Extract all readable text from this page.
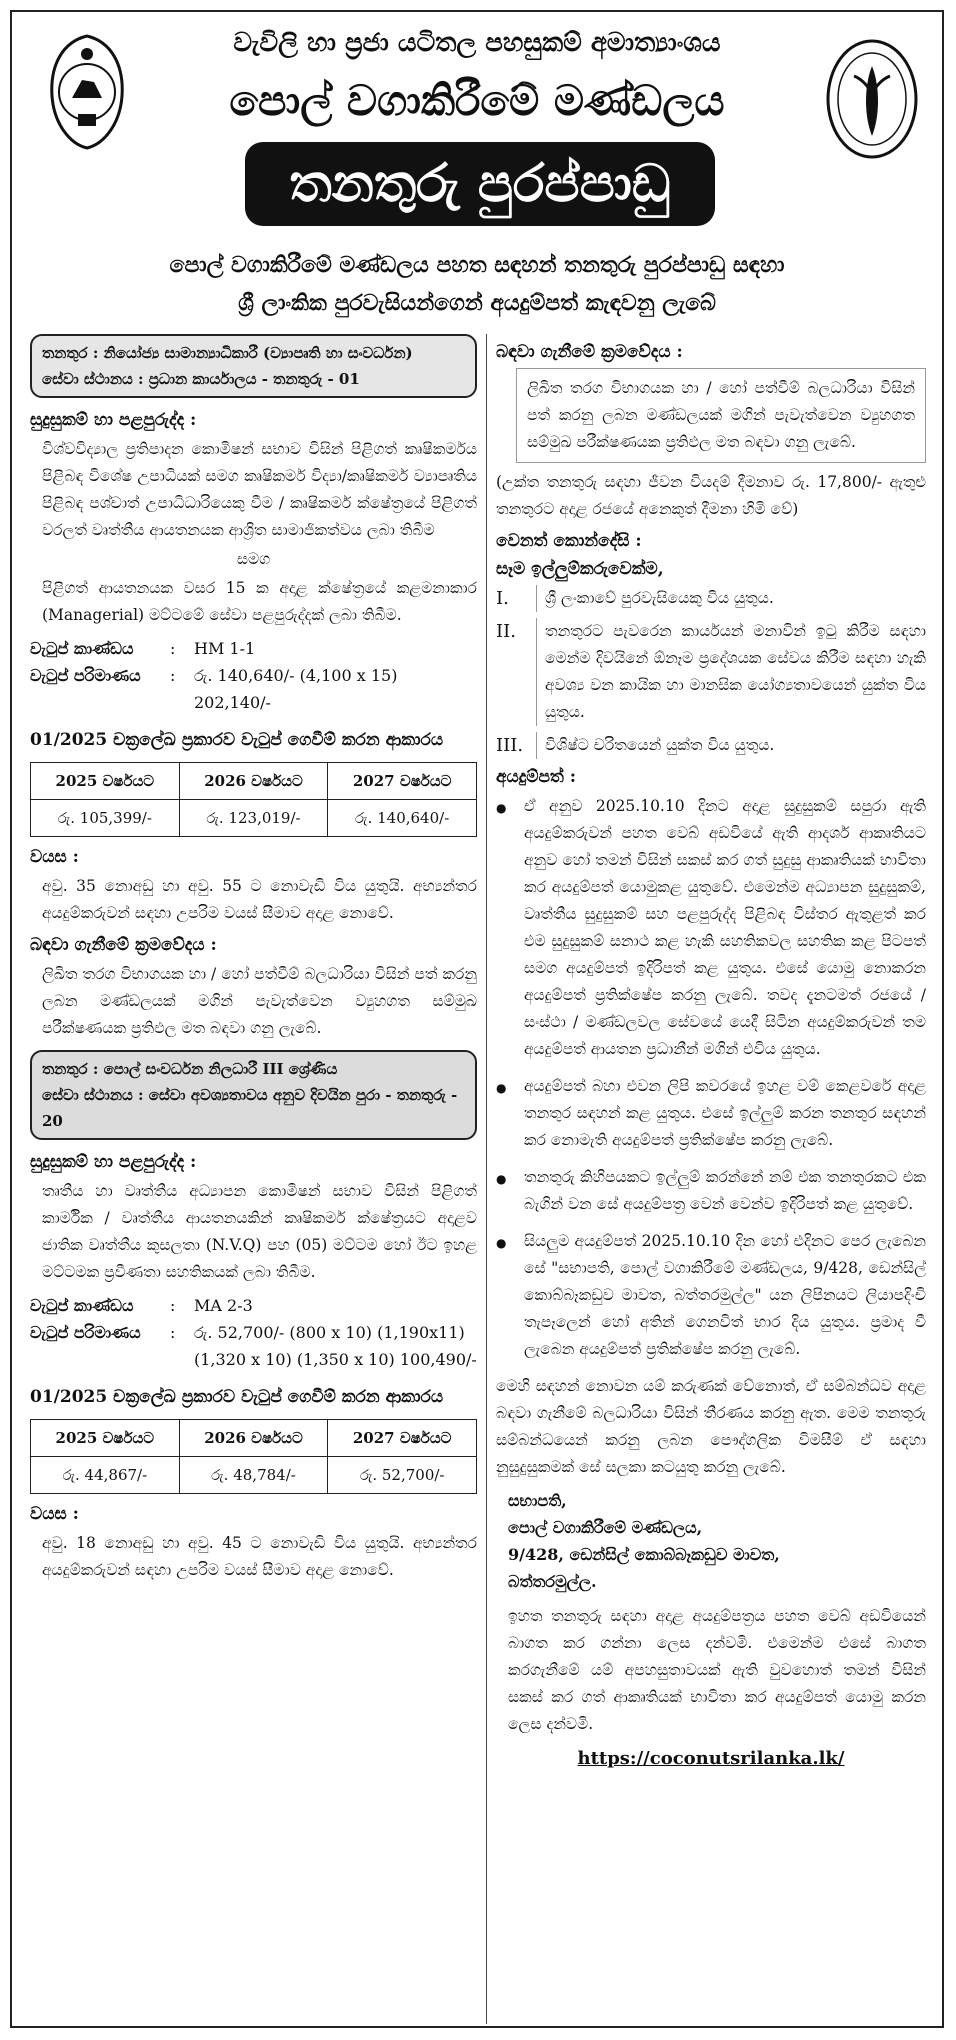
වැවිලි හා ප්‍රජා යටිතල පහසුකම් අමාත්‍යාංශය
පොල් වගාකිරීමේ මණ්ඩලය
තනතුරු පුරප්පාඩු
පොල් වගාකිරීමේ මණ්ඩලය පහත සඳහන් තනතුරු පුරප්පාඩු සඳහා
ශ්‍රී ලාංකික පුරවැසියන්ගෙන් අයදුම්පත් කැඳවනු ලැබේ
තනතුර : නියෝජ්‍ය සාමාන්‍යාධිකාරී (ව්‍යාපෘති හා සංවර්ධන)
සේවා ස්ථානය : ප්‍රධාන කාර්යාලය - තනතුරු - 01
සුදුසුකම් හා පළපුරුද්ද :
විශ්වවිද්‍යාල ප්‍රතිපාදන කොමිෂන් සභාව විසින් පිළිගත් කෘෂිකර්මය පිළිබඳ විශේෂ උපාධියක් සමග කෘෂිකර්ම විද්‍යා/කෘෂිකර්ම ව්‍යාපෘතිය පිළිබඳ පශ්චාත් උපාධිධාරියෙකු වීම / කෘෂිකර්ම ක්ෂේත්‍රයේ පිළිගත් වරලත් වෘත්තීය ආයතනයක ආශ්‍රිත සාමාජිකත්වය ලබා තිබීම
සමග
පිළිගත් ආයතනයක වසර 15 ක අදාළ ක්ෂේත්‍රයේ කළමනාකාර (Managerial) මට්ටමේ සේවා පළපුරුද්දක් ලබා තිබීම.
වැටුප් කාණ්ඩය	:	HM 1-1
වැටුප් පරිමාණය	:	රු. 140,640/- (4,100 x 15) 202,140/-
01/2025 චක්‍රලේඛ ප්‍රකාරව වැටුප් ගෙවීම් කරන ආකාරය
2025 වර්ෂයට	2026 වර්ෂයට	2027 වර්ෂයට
රු. 105,399/-	රු. 123,019/-	රු. 140,640/-
වයස :
අවු. 35 නොඅඩු හා අවු. 55 ට නොවැඩි විය යුතුයි. අභ්‍යන්තර අයදුම්කරුවන් සඳහා උපරිම වයස් සීමාව අදාළ නොවේ.
බඳවා ගැනීමේ ක්‍රමවේදය :
ලිඛිත තරග විභාගයක හා / හෝ පත්වීම් බලධාරියා විසින් පත් කරනු ලබන මණ්ඩලයක් මගින් පැවැත්වෙන ව්‍යුහගත සම්මුඛ පරීක්ෂණයක ප්‍රතිඵල මත බඳවා ගනු ලැබේ.
තනතුර : පොල් සංවර්ධන නිලධාරී III ශ්‍රේණිය
සේවා ස්ථානය : සේවා අවශ්‍යතාවය අනුව දිවයින පුරා - තනතුරු - 20
සුදුසුකම් හා පළපුරුද්ද :
තෘතීය හා වෘත්තීය අධ්‍යාපන කොමිෂන් සභාව විසින් පිළිගත් කාර්මික / වෘත්තීය ආයතනයකින් කෘෂිකර්ම ක්ෂේත්‍රයට අදාළව ජාතික වෘත්තීය කුසලතා (N.V.Q) පහ (05) මට්ටම හෝ ඊට ඉහළ මට්ටමක ප්‍රවීණතා සහතිකයක් ලබා තිබීම.
වැටුප් කාණ්ඩය	:	MA 2-3
වැටුප් පරිමාණය	:	රු. 52,700/- (800 x 10) (1,190x11) (1,320 x 10) (1,350 x 10) 100,490/-
01/2025 චක්‍රලේඛ ප්‍රකාරව වැටුප් ගෙවීම් කරන ආකාරය
2025 වර්ෂයට	2026 වර්ෂයට	2027 වර්ෂයට
රු. 44,867/-	රු. 48,784/-	රු. 52,700/-
වයස :
අවු. 18 නොඅඩු හා අවු. 45 ට නොවැඩි විය යුතුයි. අභ්‍යන්තර අයදුම්කරුවන් සඳහා උපරිම වයස් සීමාව අදාළ නොවේ.
බඳවා ගැනීමේ ක්‍රමවේදය :
ලිඛිත තරග විභාගයක හා / හෝ පත්වීම් බලධාරියා විසින් පත් කරනු ලබන මණ්ඩලයක් මගින් පැවැත්වෙන ව්‍යුහගත සම්මුඛ පරීක්ෂණයක ප්‍රතිඵල මත බඳවා ගනු ලැබේ.
(උක්ත තනතුරු සඳහා ජීවන වියදම් දීමනාව රු. 17,800/- ඇතුළු තනතුරට අදාළ රජයේ අනෙකුත් දීමනා හිමි වේ)
වෙනත් කොන්දේසි :
සෑම ඉල්ලුම්කරුවෙක්ම,
I.	ශ්‍රී ලංකාවේ පුරවැසියෙකු විය යුතුය.
II.	තනතුරට පැවරෙන කාර්යයන් මනාවින් ඉටු කිරීම සඳහා මෙන්ම දිවයිනේ ඕනෑම ප්‍රදේශයක සේවය කිරීම සඳහා හැකි අවශ්‍ය වන කායික හා මානසික යෝග්‍යතාවයෙන් යුක්ත විය යුතුය.
III.	විශිෂ්ට චරිතයෙන් යුක්ත විය යුතුය.
අයදුම්පත් :
●	ඒ අනුව 2025.10.10 දිනට අදාළ සුදුසුකම් සපුරා ඇති අයදුම්කරුවන් පහත වෙබ් අඩවියේ ඇති ආදර්ශ ආකෘතියට අනුව හෝ තමන් විසින් සකස් කර ගත් සුදුසු ආකෘතියක් භාවිතා කර අයදුම්පත් යොමුකළ යුතුවේ. එමෙන්ම අධ්‍යාපන සුදුසුකම්, වෘත්තීය සුදුසුකම් සහ පළපුරුද්ද පිළිබඳ විස්තර ඇතුළත් කර එම සුදුසුකම් සනාථ කළ හැකි සහතිකවල සහතික කළ පිටපත් සමග අයදුම්පත් ඉදිරිපත් කළ යුතුය. එසේ යොමු නොකරන අයදුම්පත් ප්‍රතික්ෂේප කරනු ලැබේ. තවද දැනටමත් රජයේ / සංස්ථා / මණ්ඩලවල සේවයේ යෙදී සිටින අයදුම්කරුවන් තම අයදුම්පත් ආයතන ප්‍රධානීන් මගින් එවිය යුතුය.
●	අයදුම්පත් බහා එවන ලිපි කවරයේ ඉහළ වම් කෙළවරේ අදාළ තනතුර සඳහන් කළ යුතුය. එසේ ඉල්ලුම් කරන තනතුර සඳහන් කර නොමැති අයදුම්පත් ප්‍රතික්ෂේප කරනු ලැබේ.
●	තනතුරු කිහිපයකට ඉල්ලුම් කරන්නේ නම් එක තනතුරකට එක බැගින් වන සේ අයදුම්පත්‍ර වෙන් වෙන්ව ඉදිරිපත් කළ යුතුවේ.
●	සියලුම අයදුම්පත් 2025.10.10 දින හෝ එදිනට පෙර ලැබෙන සේ "සභාපති, පොල් වගාකිරීමේ මණ්ඩලය, 9/428, ඩෙන්සිල් කොබ්බෑකඩුව මාවත, බත්තරමුල්ල" යන ලිපිනයට ලියාපදිංචි තැපෑලෙන් හෝ අතින් ගෙනවිත් භාර දිය යුතුය. ප්‍රමාද වී ලැබෙන අයදුම්පත් ප්‍රතික්ෂේප කරනු ලැබේ.
මෙහි සඳහන් නොවන යම් කරුණක් වේනොත්, ඒ සම්බන්ධව අදාළ බඳවා ගැනීමේ බලධාරියා විසින් තීරණය කරනු ඇත. මෙම තනතුරු සම්බන්ධයෙන් කරනු ලබන පෞද්ගලික විමසීම් ඒ සඳහා නුසුදුසුකමක් සේ සලකා කටයුතු කරනු ලැබේ.
සභාපති,
පොල් වගාකිරීමේ මණ්ඩලය,
9/428, ඩෙන්සිල් කොබ්බෑකඩුව මාවත,
බත්තරමුල්ල.
ඉහත තනතුරු සඳහා අදාළ අයදුම්පත්‍රය පහත වෙබ් අඩවියෙන් බාගත කර ගන්නා ලෙස දන්වමි. එමෙන්ම එසේ බාගත කරගැනීමේ යම් අපහසුතාවයක් ඇති වුවහොත් තමන් විසින් සකස් කර ගත් ආකෘතියක් භාවිතා කර අයදුම්පත් යොමු කරන ලෙස දන්වමි.
https://coconutsrilanka.lk/
